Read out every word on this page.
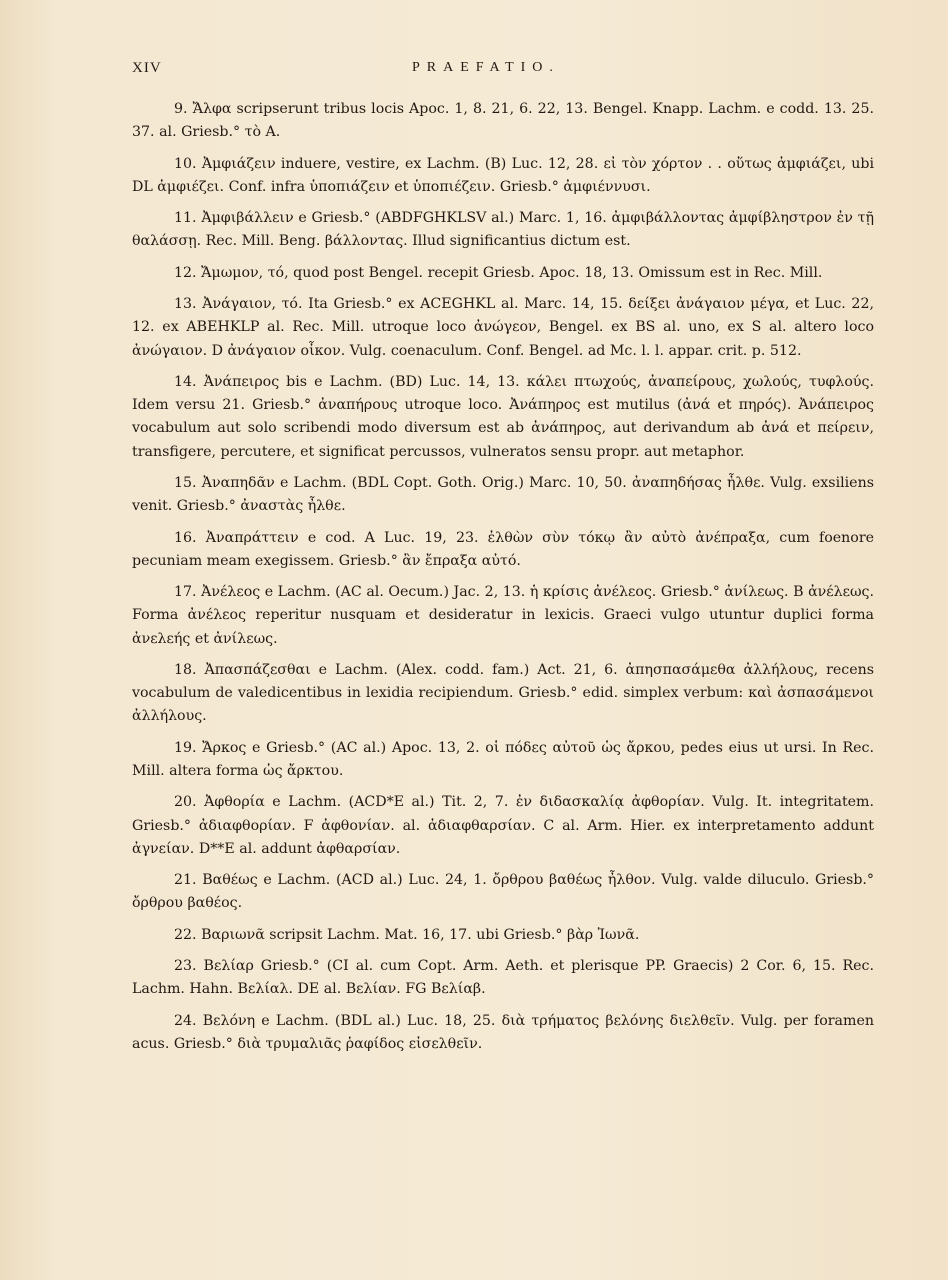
XIV	PRAEFATIO.

9. Ἄλφα scripserunt tribus locis Apoc. 1, 8. 21, 6. 22, 13. Bengel. Knapp. Lachm. e codd. 13. 25. 37. al. Griesb.° τὸ Α.

10. Ἀμφιάζειν induere, vestire, ex Lachm. (B) Luc. 12, 28. εἰ τὸν χόρτον . . οὕτως ἀμφιάζει, ubi DL ἀμφιέζει. Conf. infra ὑποπιάζειν et ὑποπιέζειν. Griesb.° ἀμφιέννυσι.

11. Ἀμφιβάλλειν e Griesb.° (ABDFGHKLSV al.) Marc. 1, 16. ἀμφιβάλλοντας ἀμφίβληστρον ἐν τῇ θαλάσσῃ. Rec. Mill. Beng. βάλλοντας. Illud significantius dictum est.

12. Ἄμωμον, τό, quod post Bengel. recepit Griesb. Apoc. 18, 13. Omissum est in Rec. Mill.

13. Ἀνάγαιον, τό. Ita Griesb.° ex ACEGHKL al. Marc. 14, 15. δείξει ἀνάγαιον μέγα, et Luc. 22, 12. ex ABEHKLP al. Rec. Mill. utroque loco ἀνώγεον, Bengel. ex BS al. uno, ex S al. altero loco ἀνώγαιον. D ἀνάγαιον οἶκον. Vulg. coenaculum. Conf. Bengel. ad Mc. l. l. appar. crit. p. 512.

14. Ἀνάπειρος bis e Lachm. (BD) Luc. 14, 13. κάλει πτωχούς, ἀναπείρους, χωλούς, τυφλούς. Idem versu 21. Griesb.° ἀναπήρους utroque loco. Ἀνάπηρος est mutilus (ἀνά et πηρός). Ἀνάπειρος vocabulum aut solo scribendi modo diversum est ab ἀνάπηρος, aut derivandum ab ἀνά et πείρειν, transfigere, percutere, et significat percussos, vulneratos sensu propr. aut metaphor.

15. Ἀναπηδᾶν e Lachm. (BDL Copt. Goth. Orig.) Marc. 10, 50. ἀναπηδήσας ἦλθε. Vulg. exsiliens venit. Griesb.° ἀναστὰς ἦλθε.

16. Ἀναπράττειν e cod. A Luc. 19, 23. ἐλθὼν σὺν τόκῳ ἂν αὐτὸ ἀνέπραξα, cum foenore pecuniam meam exegissem. Griesb.° ἂν ἔπραξα αὐτό.

17. Ἀνέλεος e Lachm. (AC al. Oecum.) Jac. 2, 13. ἡ κρίσις ἀνέλεος. Griesb.° ἀνίλεως. B ἀνέλεως. Forma ἀνέλεος reperitur nusquam et desideratur in lexicis. Graeci vulgo utuntur duplici forma ἀνελεής et ἀνίλεως.

18. Ἀπασπάζεσθαι e Lachm. (Alex. codd. fam.) Act. 21, 6. ἀπησπασάμεθα ἀλλήλους, recens vocabulum de valedicentibus in lexidia recipiendum. Griesb.° edid. simplex verbum: καὶ ἀσπασάμενοι ἀλλήλους.

19. Ἄρκος e Griesb.° (AC al.) Apoc. 13, 2. οἱ πόδες αὐτοῦ ὡς ἄρκου, pedes eius ut ursi. In Rec. Mill. altera forma ὡς ἄρκτου.

20. Ἀφθορία e Lachm. (ACD*E al.) Tit. 2, 7. ἐν διδασκαλίᾳ ἀφθορίαν. Vulg. It. integritatem. Griesb.° ἀδιαφθορίαν. F ἀφθονίαν. al. ἀδιαφθαρσίαν. C al. Arm. Hier. ex interpretamento addunt ἀγνείαν. D**E al. addunt ἀφθαρσίαν.

21. Βαθέως e Lachm. (ACD al.) Luc. 24, 1. ὄρθρου βαθέως ἦλθον. Vulg. valde diluculo. Griesb.° ὄρθρου βαθέος.

22. Βαριωνᾶ scripsit Lachm. Mat. 16, 17. ubi Griesb.° βὰρ Ἰωνᾶ.

23. Βελίαρ Griesb.° (CI al. cum Copt. Arm. Aeth. et plerisque PP. Graecis) 2 Cor. 6, 15. Rec. Lachm. Hahn. Βελίαλ. DE al. Βελίαν. FG Βελίαβ.

24. Βελόνη e Lachm. (BDL al.) Luc. 18, 25. διὰ τρήματος βελόνης διελθεῖν. Vulg. per foramen acus. Griesb.° διὰ τρυμαλιᾶς ῥαφίδος εἰσελθεῖν.
